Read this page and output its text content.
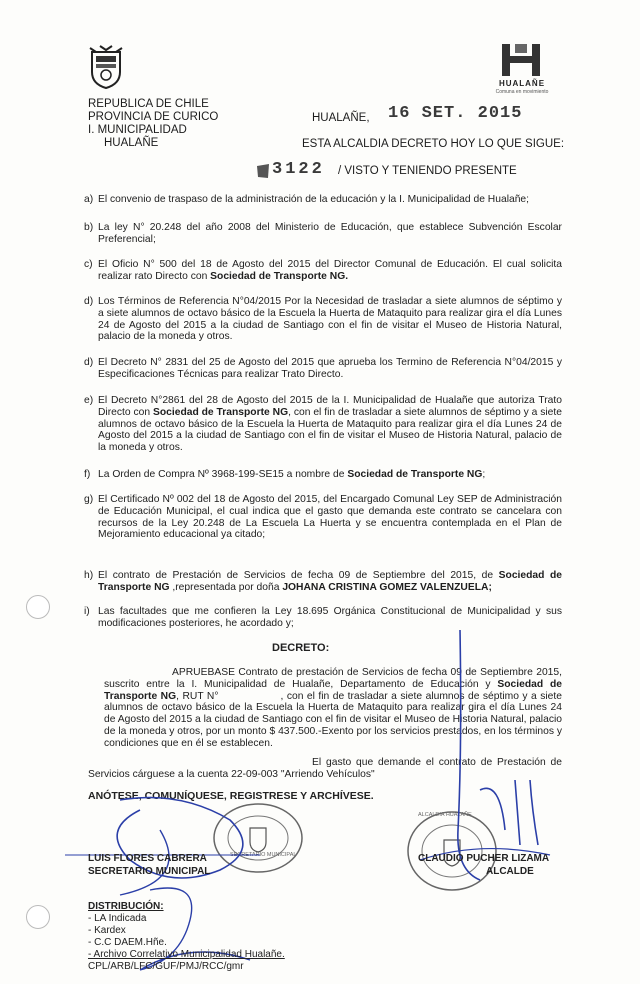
HUALAÑE
Comuna en movimiento
REPUBLICA DE CHILE
PROVINCIA DE CURICO
I. MUNICIPALIDAD
HUALAÑE
HUALAÑE, 16 SET. 2015
ESTA ALCALDIA DECRETO HOY LO QUE SIGUE:
3122 / VISTO Y TENIENDO PRESENTE
a) El convenio de traspaso de la administración de la educación y la I. Municipalidad de Hualañe;
b) La ley N° 20.248 del año 2008 del Ministerio de Educación, que establece Subvención Escolar Preferencial;
c) El Oficio N° 500 del 18 de Agosto del 2015 del Director Comunal de Educación. El cual solicita realizar rato Directo con Sociedad de Transporte NG.
d) Los Términos de Referencia N°04/2015 Por la Necesidad de trasladar a siete alumnos de séptimo y a siete alumnos de octavo básico de la Escuela la Huerta de Mataquito para realizar gira el día Lunes 24 de Agosto del 2015 a la ciudad de Santiago con el fin de visitar el Museo de Historia Natural, palacio de la moneda y otros.
d) El Decreto N° 2831 del 25 de Agosto del 2015 que aprueba los Termino de Referencia N°04/2015 y Especificaciones Técnicas para realizar Trato Directo.
e) El Decreto N°2861 del 28 de Agosto del 2015 de la I. Municipalidad de Hualañe que autoriza Trato Directo con Sociedad de Transporte NG, con el fin de trasladar a siete alumnos de séptimo y a siete alumnos de octavo básico de la Escuela la Huerta de Mataquito para realizar gira el día Lunes 24 de Agosto del 2015 a la ciudad de Santiago con el fin de visitar el Museo de Historia Natural, palacio de la moneda y otros.
f) La Orden de Compra Nº 3968-199-SE15 a nombre de Sociedad de Transporte NG;
g) El Certificado Nº 002 del 18 de Agosto del 2015, del Encargado Comunal Ley SEP de Administración de Educación Municipal, el cual indica que el gasto que demanda este contrato se cancelara con recursos de la Ley 20.248 de La Escuela La Huerta y se encuentra contemplada en el Plan de Mejoramiento educacional ya citado;
h) El contrato de Prestación de Servicios de fecha 09 de Septiembre del 2015, de Sociedad de Transporte NG ,representada por doña JOHANA CRISTINA GOMEZ VALENZUELA;
i) Las facultades que me confieren la Ley 18.695 Orgánica Constitucional de Municipalidad y sus modificaciones posteriores, he acordado y;
DECRETO:
APRUEBASE Contrato de prestación de Servicios de fecha 09 de Septiembre 2015, suscrito entre la I. Municipalidad de Hualañe, Departamento de Educación y Sociedad de Transporte NG, RUT N°	, con el fin de trasladar a siete alumnos de séptimo y a siete alumnos de octavo básico de la Escuela la Huerta de Mataquito para realizar gira el día Lunes 24 de Agosto del 2015 a la ciudad de Santiago con el fin de visitar el Museo de Historia Natural, palacio de la moneda y otros, por un monto $ 437.500.-Exento por los servicios prestados, en los términos y condiciones que en él se establecen.
El gasto que demande el contrato de Prestación de Servicios cárguese a la cuenta 22-09-003 "Arriendo Vehículos"
ANÓTESE, COMUNÍQUESE, REGISTRESE Y ARCHÍVESE.
SECRETARIO MUNICIPAL
ALCALDIA HUALAÑE
LUIS FLORES CABRERA
SECRETARIO MUNICIPAL
CLAUDIO PUCHER LIZAMA
ALCALDE
DISTRIBUCIÓN:
- LA Indicada
- Kardex
- C.C DAEM.Hñe.
- Archivo Correlativo Municipalidad Hualañe.
CPL/ARB/LFC/GUF/PMJ/RCC/gmr
